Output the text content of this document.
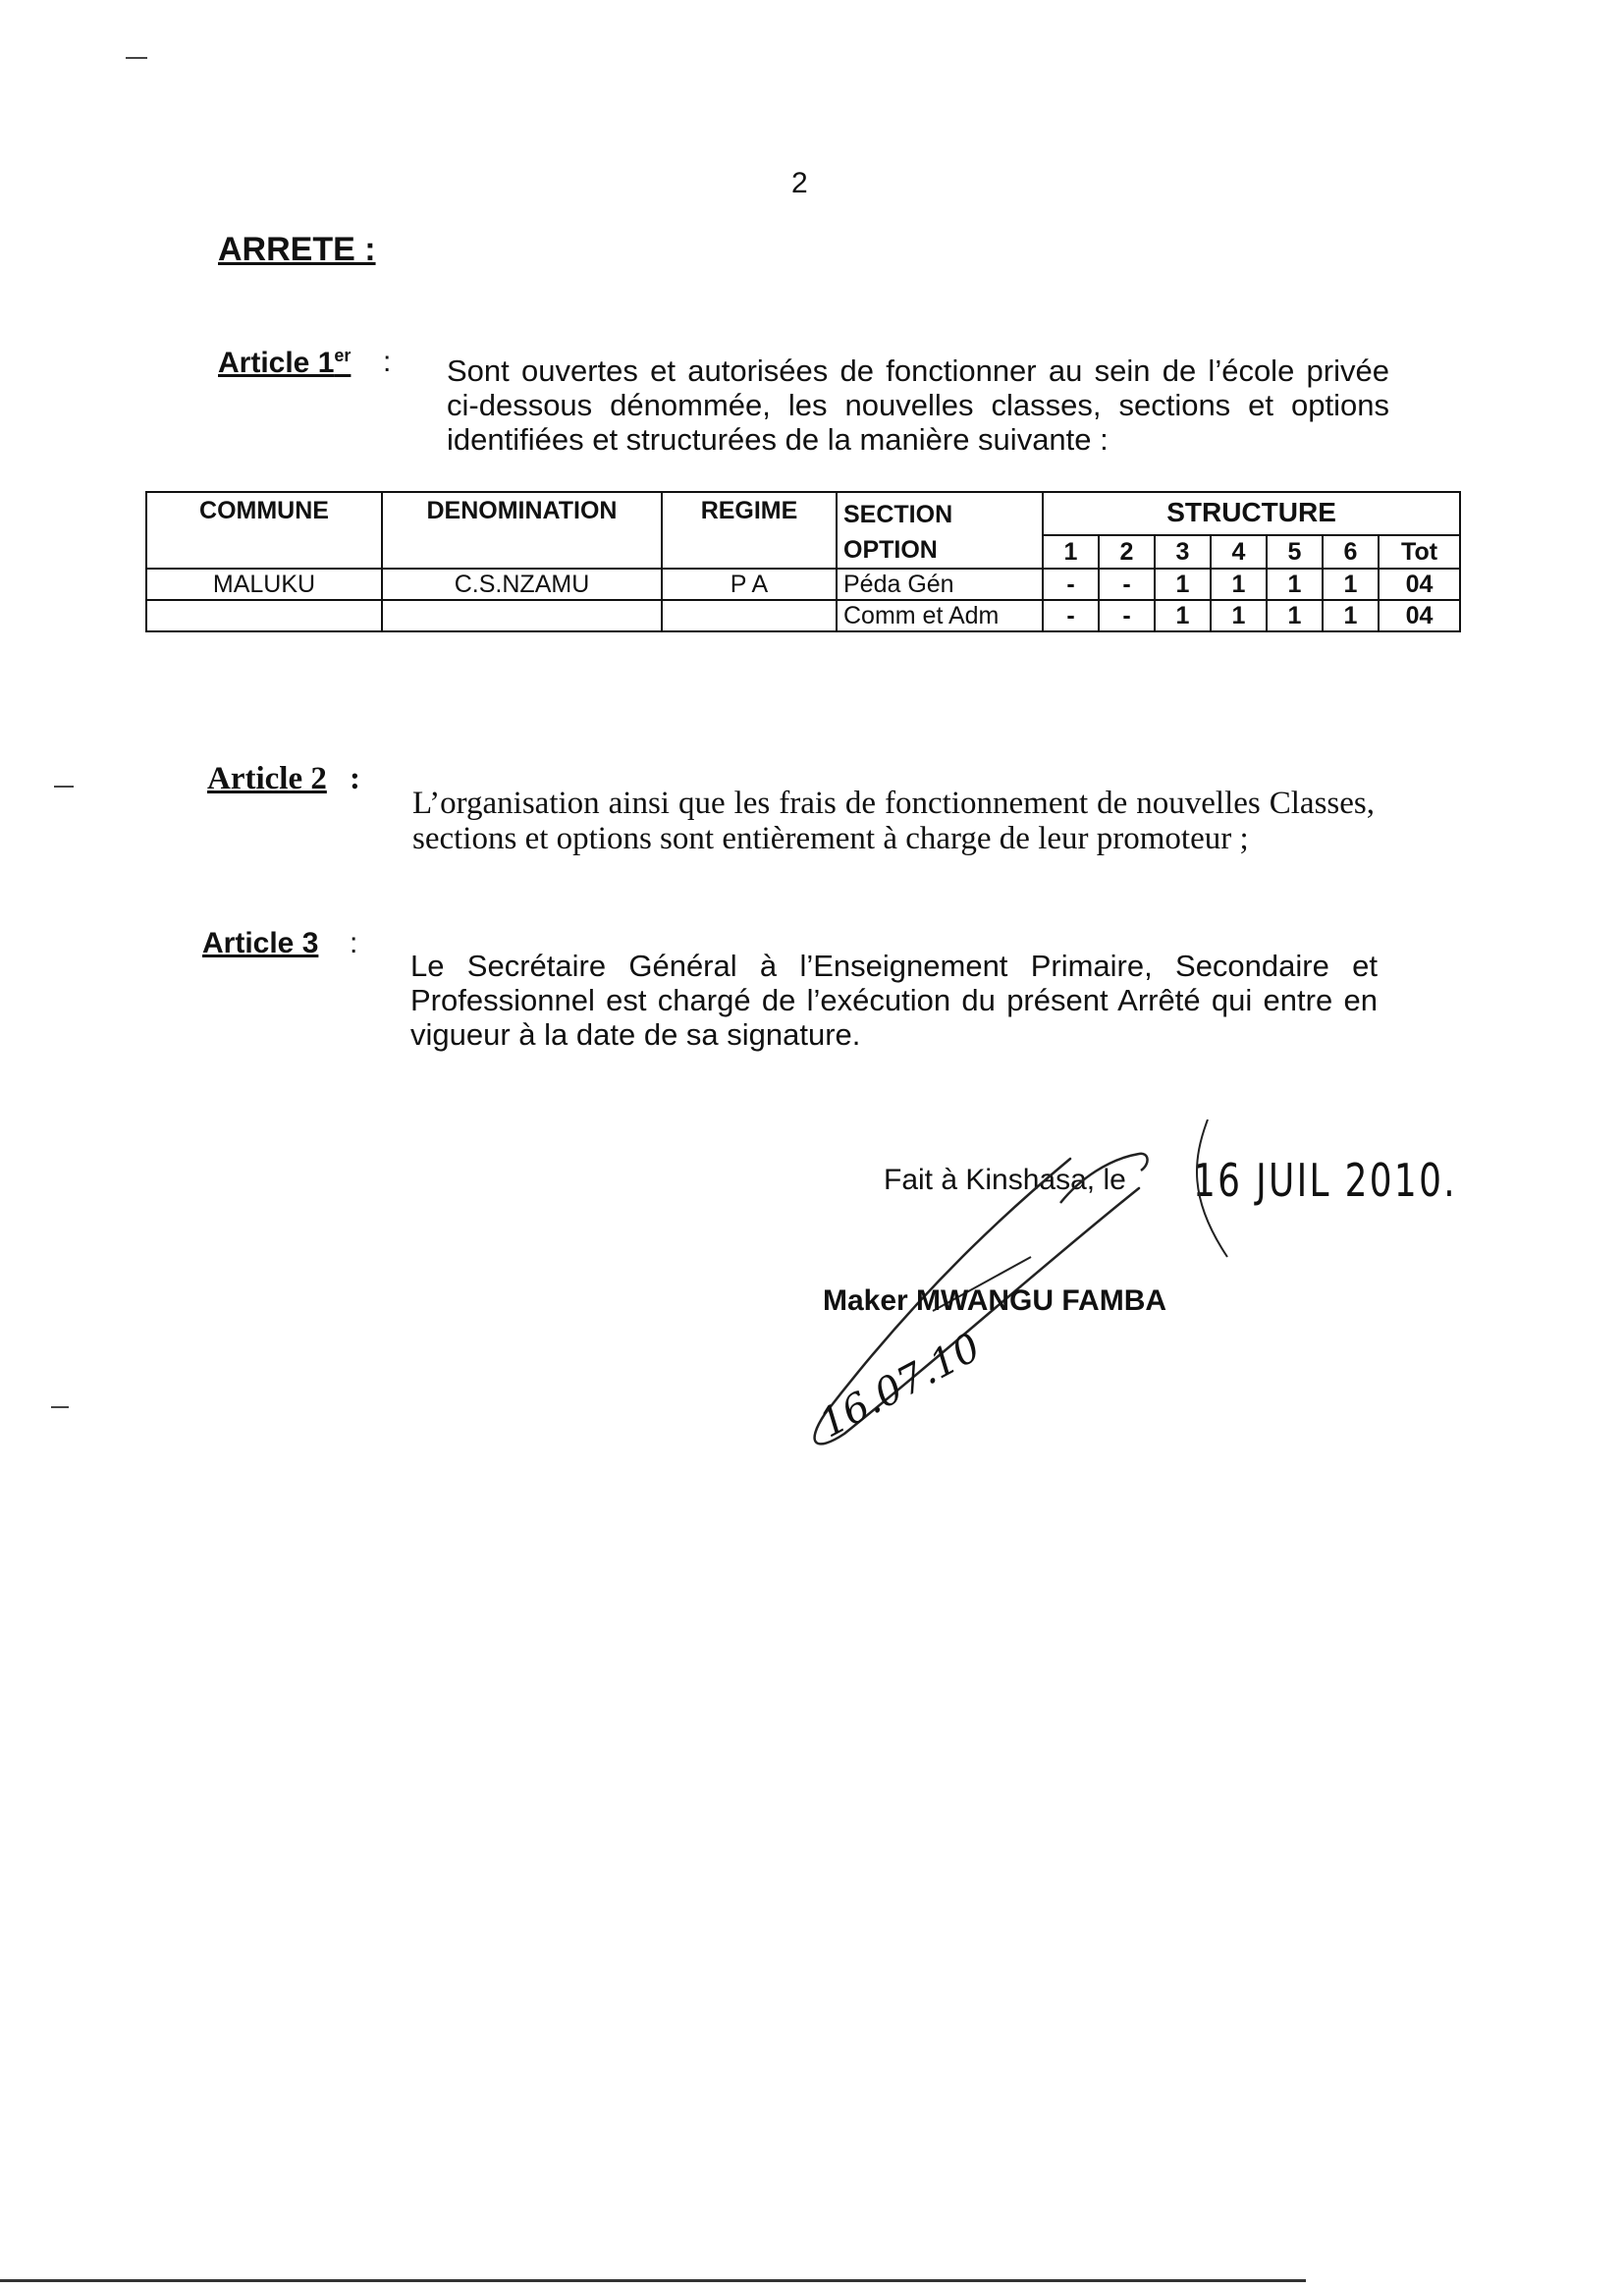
2
ARRETE :
Article 1er : Sont ouvertes et autorisées de fonctionner au sein de l’école privée ci-dessous dénommée, les nouvelles classes, sections et options identifiées et structurées de la manière suivante :
COMMUNE	DENOMINATION	REGIME	SECTION OPTION	STRUCTURE						
				1	2	3	4	5	6	Tot
MALUKU	C.S.NZAMU	P A	Péda Gén	-	-	1	1	1	1	04
			Comm et Adm	-	-	1	1	1	1	04
Article 2 :
L’organisation ainsi que les frais de fonctionnement de nouvelles Classes, sections et options sont entièrement à charge de leur promoteur ;
Article 3 :
Le Secrétaire Général à l’Enseignement Primaire, Secondaire et Professionnel est chargé de l’exécution du présent Arrêté qui entre en vigueur à la date de sa signature.
Fait à Kinshasa, le 16 JUIL 2010.
Maker MWANGU FAMBA
16.07.10
